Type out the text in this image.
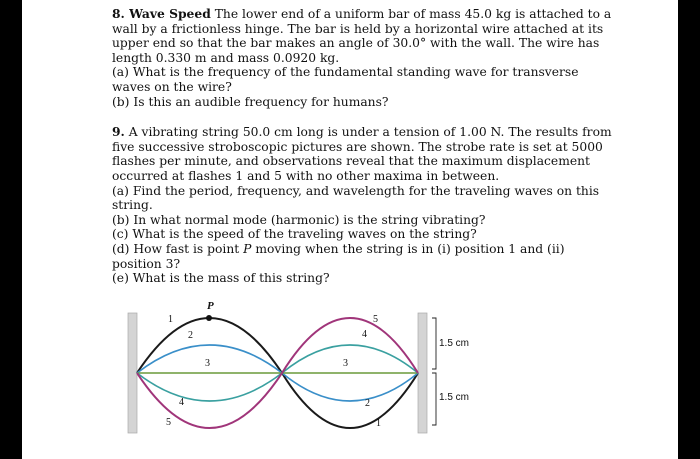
8. Wave Speed The lower end of a uniform bar of mass 45.0 kg is attached to a wall by a frictionless hinge. The bar is held by a horizontal wire attached at its upper end so that the bar makes an angle of 30.0° with the wall. The wire has length 0.330 m and mass 0.0920 kg.

(a) What is the frequency of the fundamental standing wave for transverse waves on the wire?

(b) Is this an audible frequency for humans?

9. A vibrating string 50.0 cm long is under a tension of 1.00 N. The results from five successive stroboscopic pictures are shown. The strobe rate is set at 5000 flashes per minute, and observations reveal that the maximum displacement occurred at flashes 1 and 5 with no other maxima in between.

(a) Find the period, frequency, and wavelength for the traveling waves on this string.

(b) In what normal mode (harmonic) is the string vibrating?

(c) What is the speed of the traveling waves on the string?

(d) How fast is point P moving when the string is in (i) position 1 and (ii) position 3?

(e) What is the mass of this string?

P
1
2
3
4
5
5
4
3
2
1
1.5 cm
1.5 cm
